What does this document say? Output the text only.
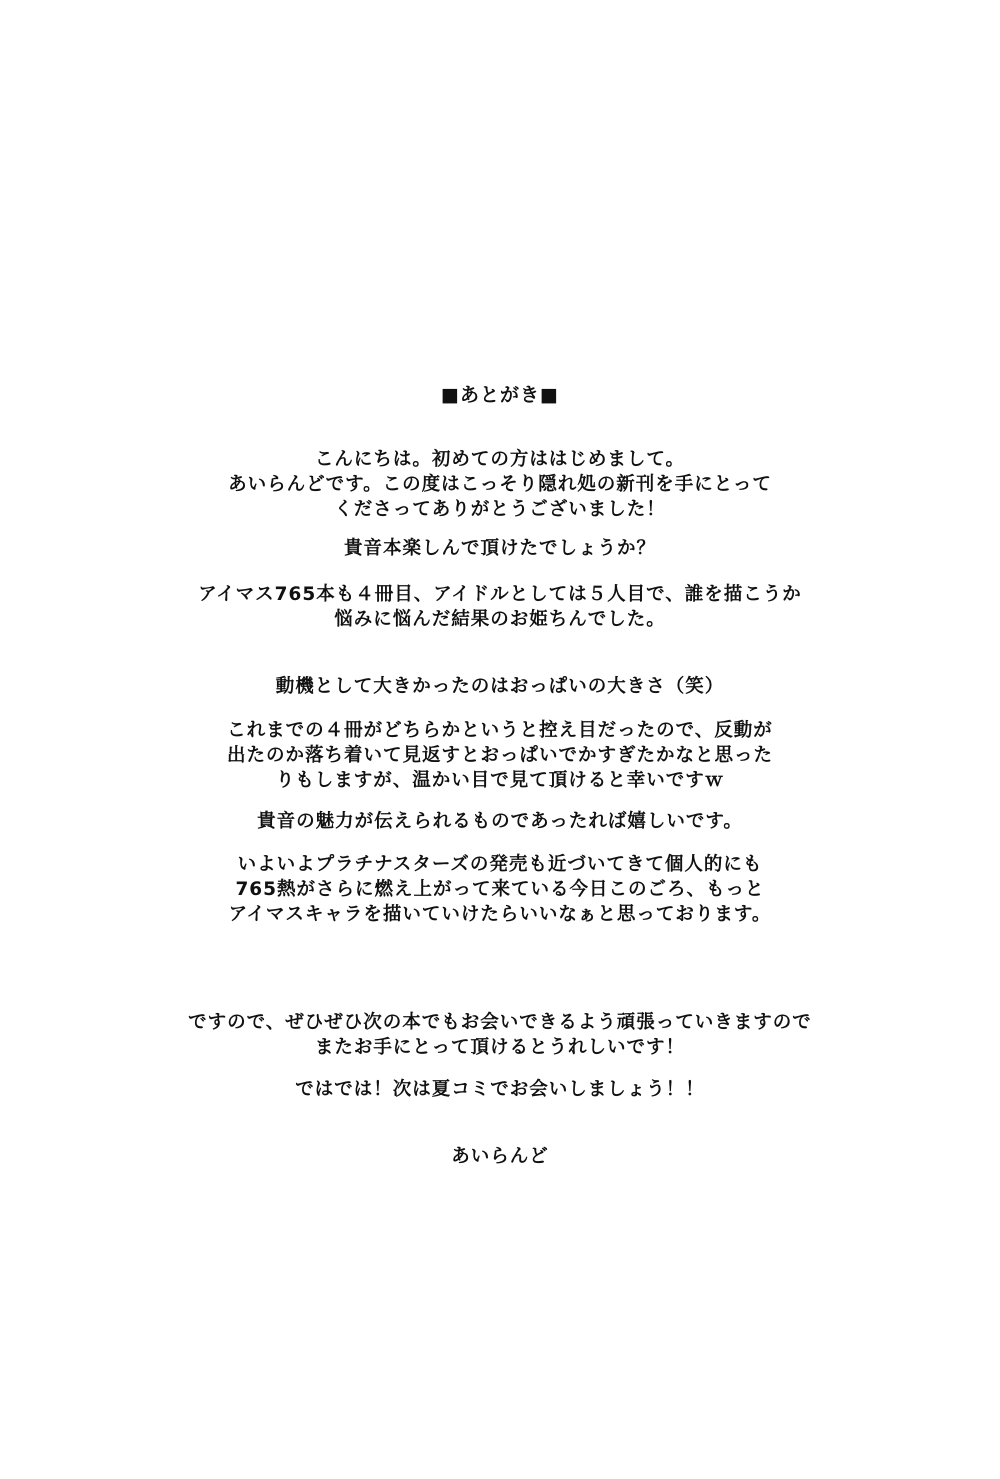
■あとがき■
こんにちは。初めての方ははじめまして。
あいらんどです。この度はこっそり隠れ処の新刊を手にとって
くださってありがとうございました！
貴音本楽しんで頂けたでしょうか？
アイマス765本も４冊目、アイドルとしては５人目で、誰を描こうか
悩みに悩んだ結果のお姫ちんでした。
動機として大きかったのはおっぱいの大きさ（笑）
これまでの４冊がどちらかというと控え目だったので、反動が
出たのか落ち着いて見返すとおっぱいでかすぎたかなと思った
りもしますが、温かい目で見て頂けると幸いですｗ
貴音の魅力が伝えられるものであったれば嬉しいです。
いよいよプラチナスターズの発売も近づいてきて個人的にも
765熱がさらに燃え上がって来ている今日このごろ、もっと
アイマスキャラを描いていけたらいいなぁと思っております。
ですので、ぜひぜひ次の本でもお会いできるよう頑張っていきますので
またお手にとって頂けるとうれしいです！
ではでは！次は夏コミでお会いしましょう！！
あいらんど
